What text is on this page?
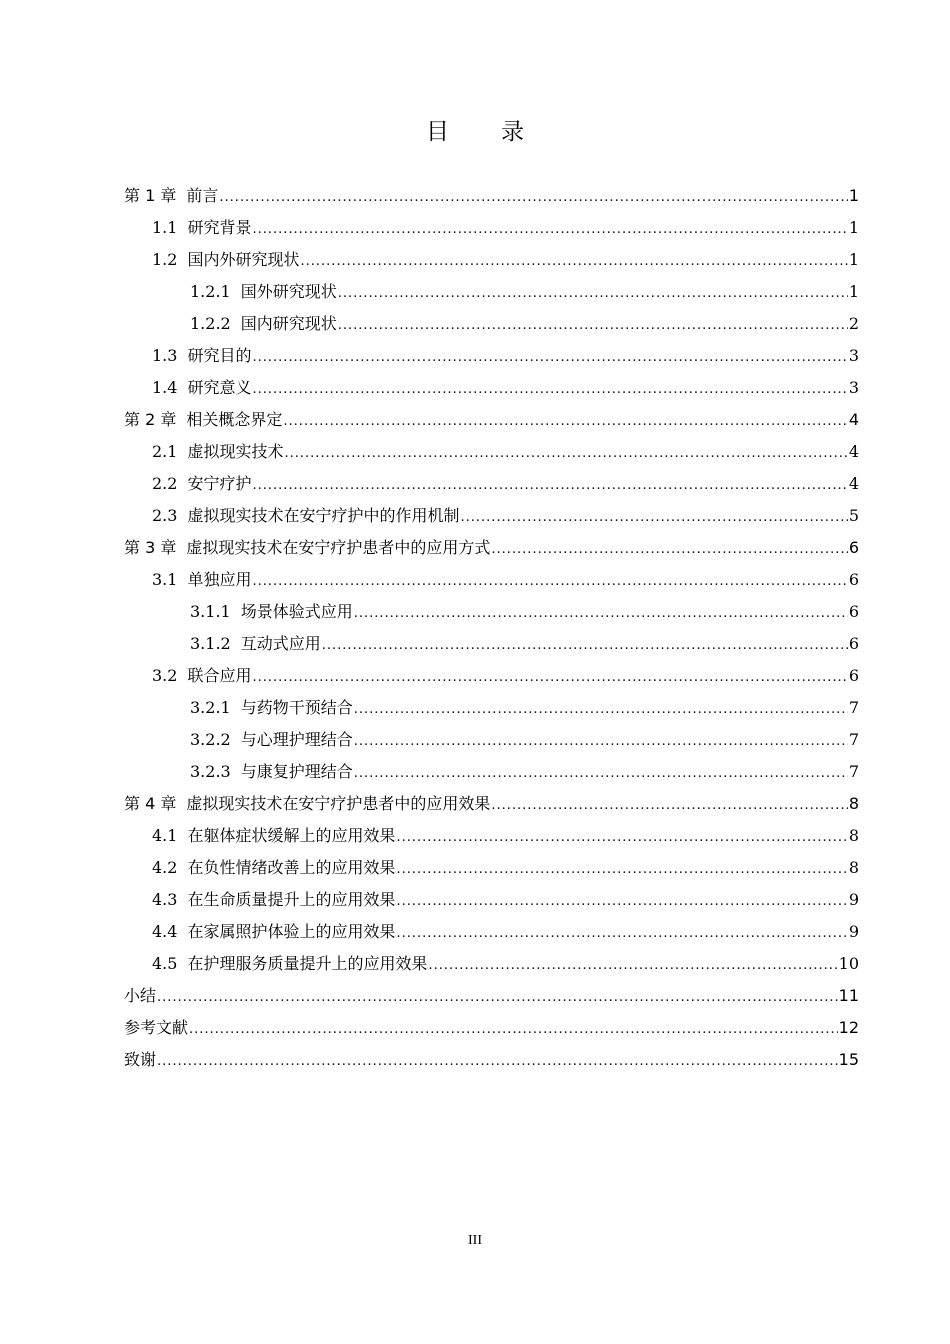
目 录
第 1 章 前言 .....	1
1.1 研究背景 .....	1
1.2 国内外研究现状 .....	1
1.2.1 国外研究现状 .....	1
1.2.2 国内研究现状 .....	2
1.3 研究目的 .....	3
1.4 研究意义 .....	3
第 2 章 相关概念界定 .....	4
2.1 虚拟现实技术 .....	4
2.2 安宁疗护 .....	4
2.3 虚拟现实技术在安宁疗护中的作用机制 .....	5
第 3 章 虚拟现实技术在安宁疗护患者中的应用方式 .....	6
3.1 单独应用 .....	6
3.1.1 场景体验式应用 .....	6
3.1.2 互动式应用 .....	6
3.2 联合应用 .....	6
3.2.1 与药物干预结合 .....	7
3.2.2 与心理护理结合 .....	7
3.2.3 与康复护理结合 .....	7
第 4 章 虚拟现实技术在安宁疗护患者中的应用效果 .....	8
4.1 在躯体症状缓解上的应用效果 .....	8
4.2 在负性情绪改善上的应用效果 .....	8
4.3 在生命质量提升上的应用效果 .....	9
4.4 在家属照护体验上的应用效果 .....	9
4.5 在护理服务质量提升上的应用效果 .....	10
小结 .....	11
参考文献 .....	12
致谢 .....	15
III
